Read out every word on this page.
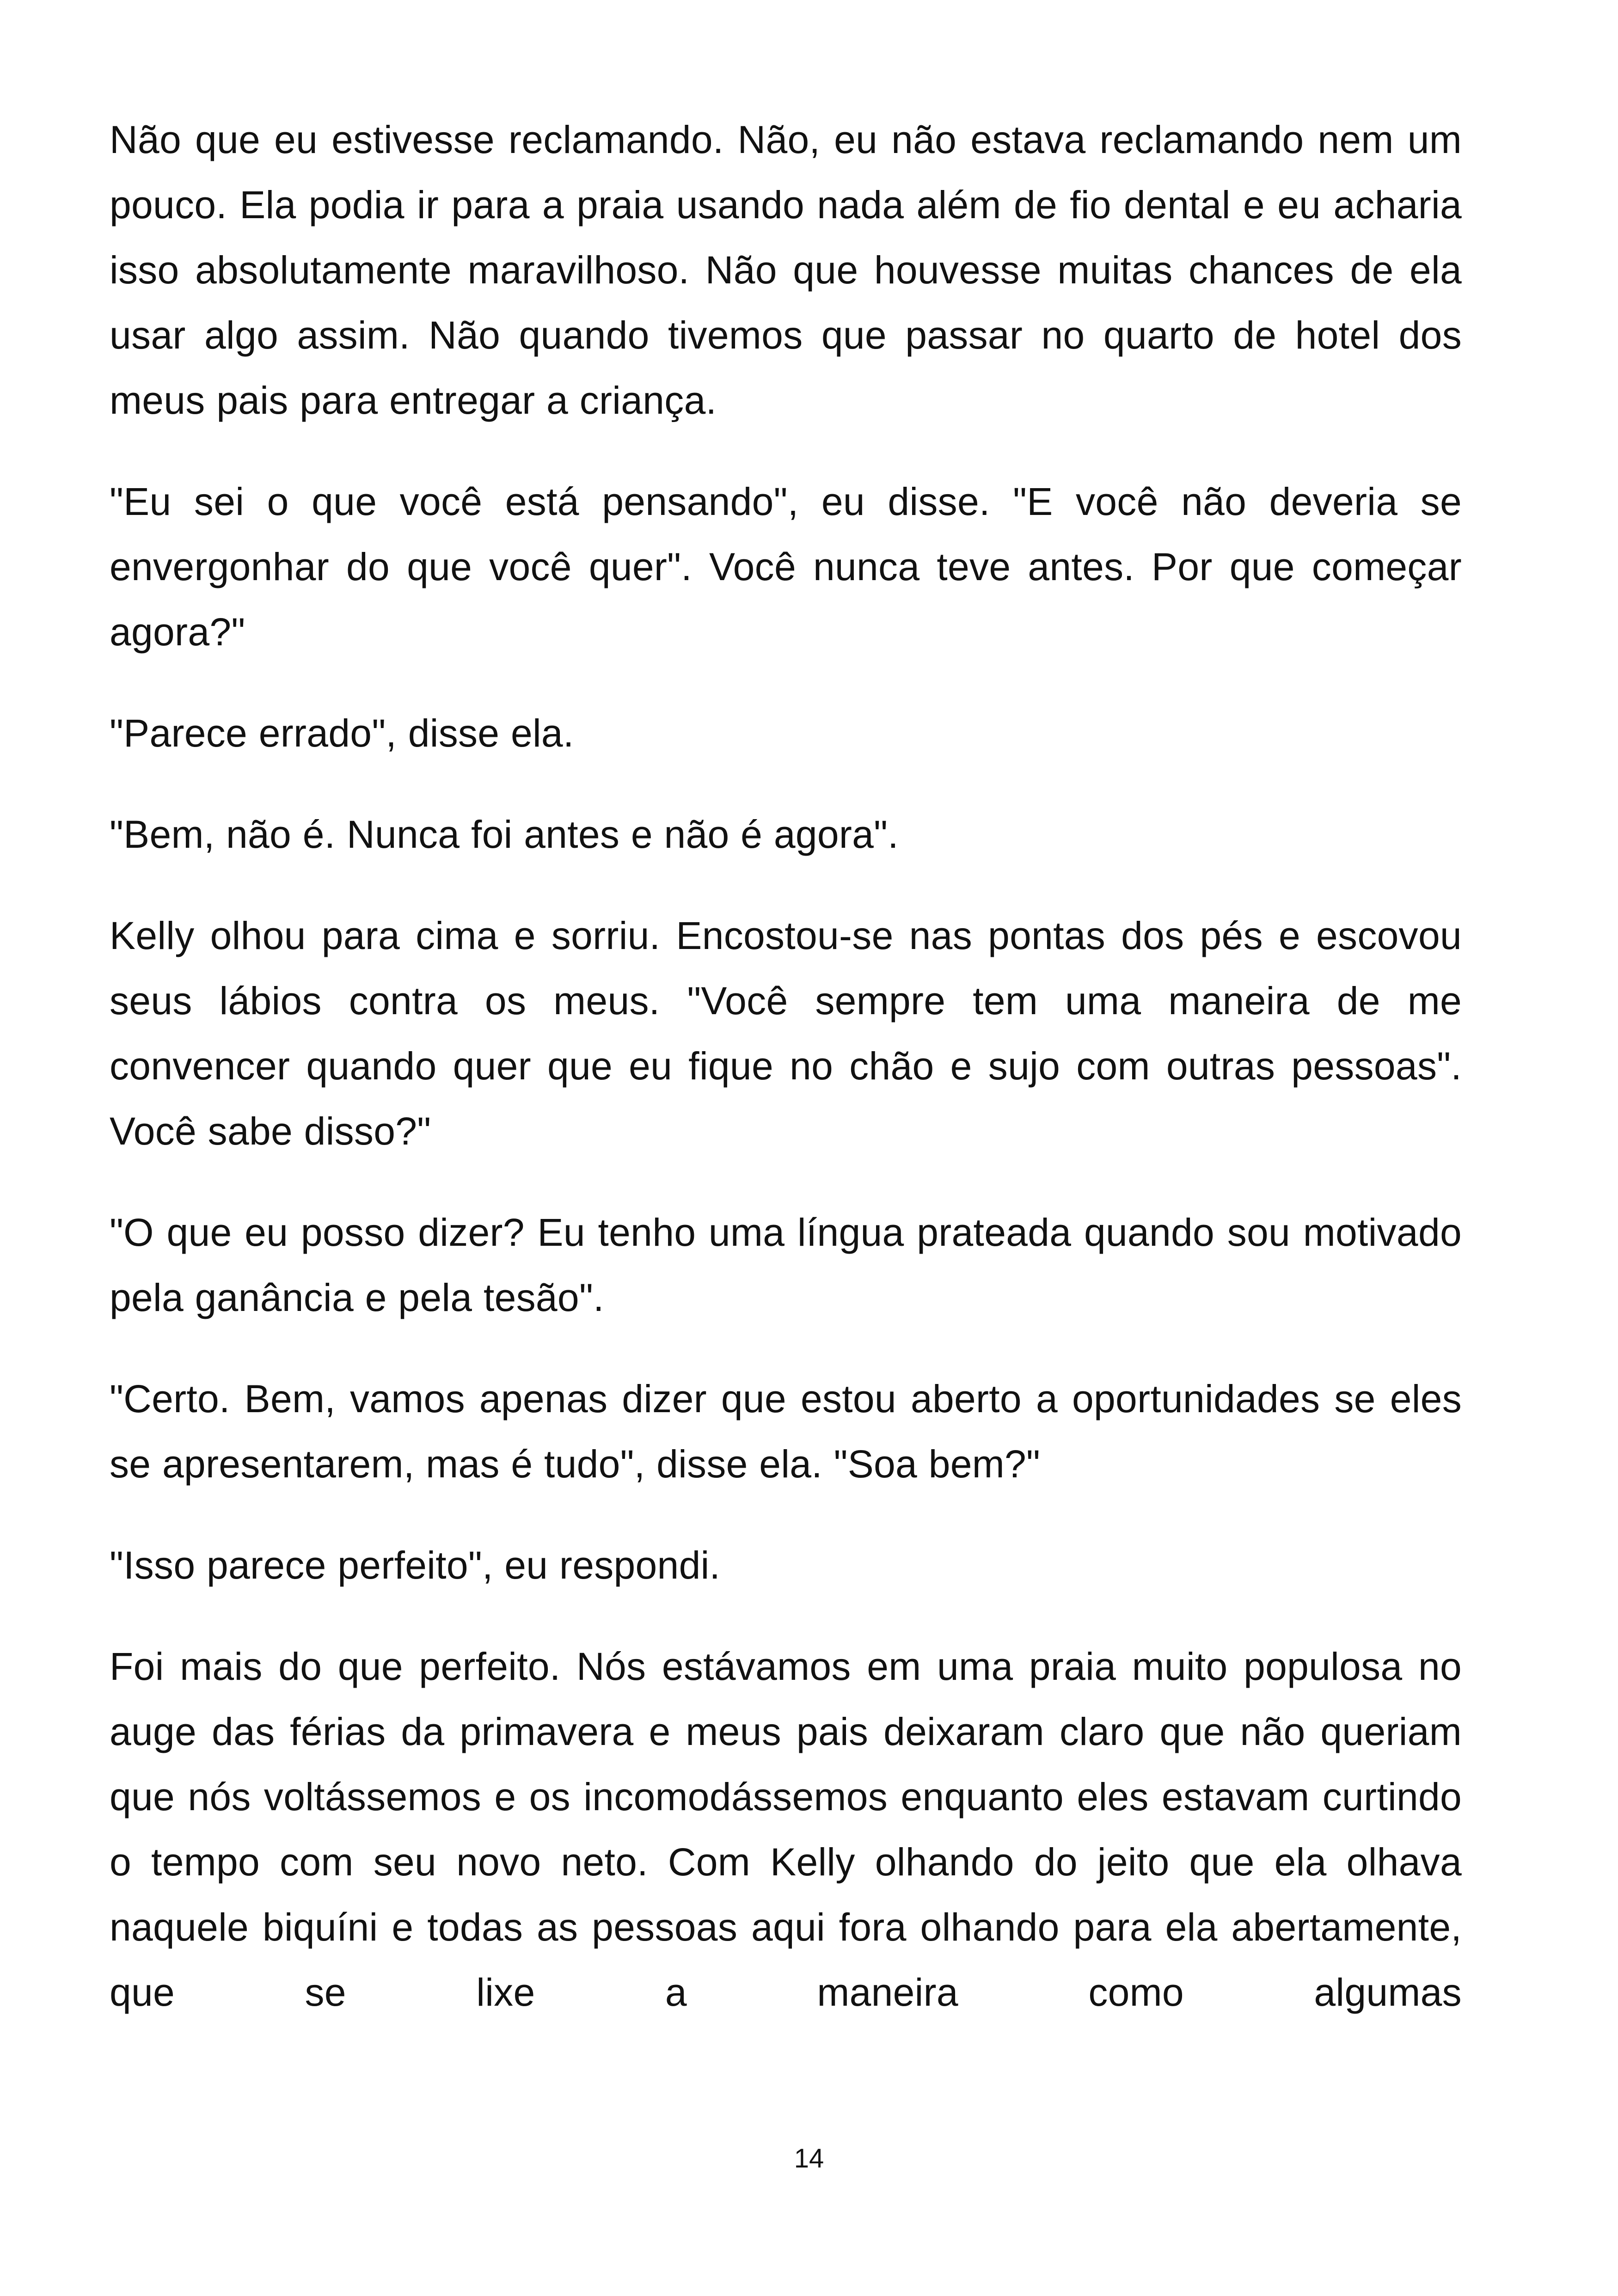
Não que eu estivesse reclamando. Não, eu não estava reclamando nem um pouco. Ela podia ir para a praia usando nada além de fio dental e eu acharia isso absolutamente maravilhoso. Não que houvesse muitas chances de ela usar algo assim. Não quando tivemos que passar no quarto de hotel dos meus pais para entregar a criança.

"Eu sei o que você está pensando", eu disse. "E você não deveria se envergonhar do que você quer". Você nunca teve antes. Por que começar agora?"

"Parece errado", disse ela.

"Bem, não é. Nunca foi antes e não é agora".

Kelly olhou para cima e sorriu. Encostou-se nas pontas dos pés e escovou seus lábios contra os meus. "Você sempre tem uma maneira de me convencer quando quer que eu fique no chão e sujo com outras pessoas". Você sabe disso?"

"O que eu posso dizer? Eu tenho uma língua prateada quando sou motivado pela ganância e pela tesão".

"Certo. Bem, vamos apenas dizer que estou aberto a oportunidades se eles se apresentarem, mas é tudo", disse ela. "Soa bem?"

"Isso parece perfeito", eu respondi.

Foi mais do que perfeito. Nós estávamos em uma praia muito populosa no auge das férias da primavera e meus pais deixaram claro que não queriam que nós voltássemos e os incomodássemos enquanto eles estavam curtindo o tempo com seu novo neto. Com Kelly olhando do jeito que ela olhava naquele biquíni e todas as pessoas aqui fora olhando para ela abertamente, que se lixe a maneira como algumas

14
